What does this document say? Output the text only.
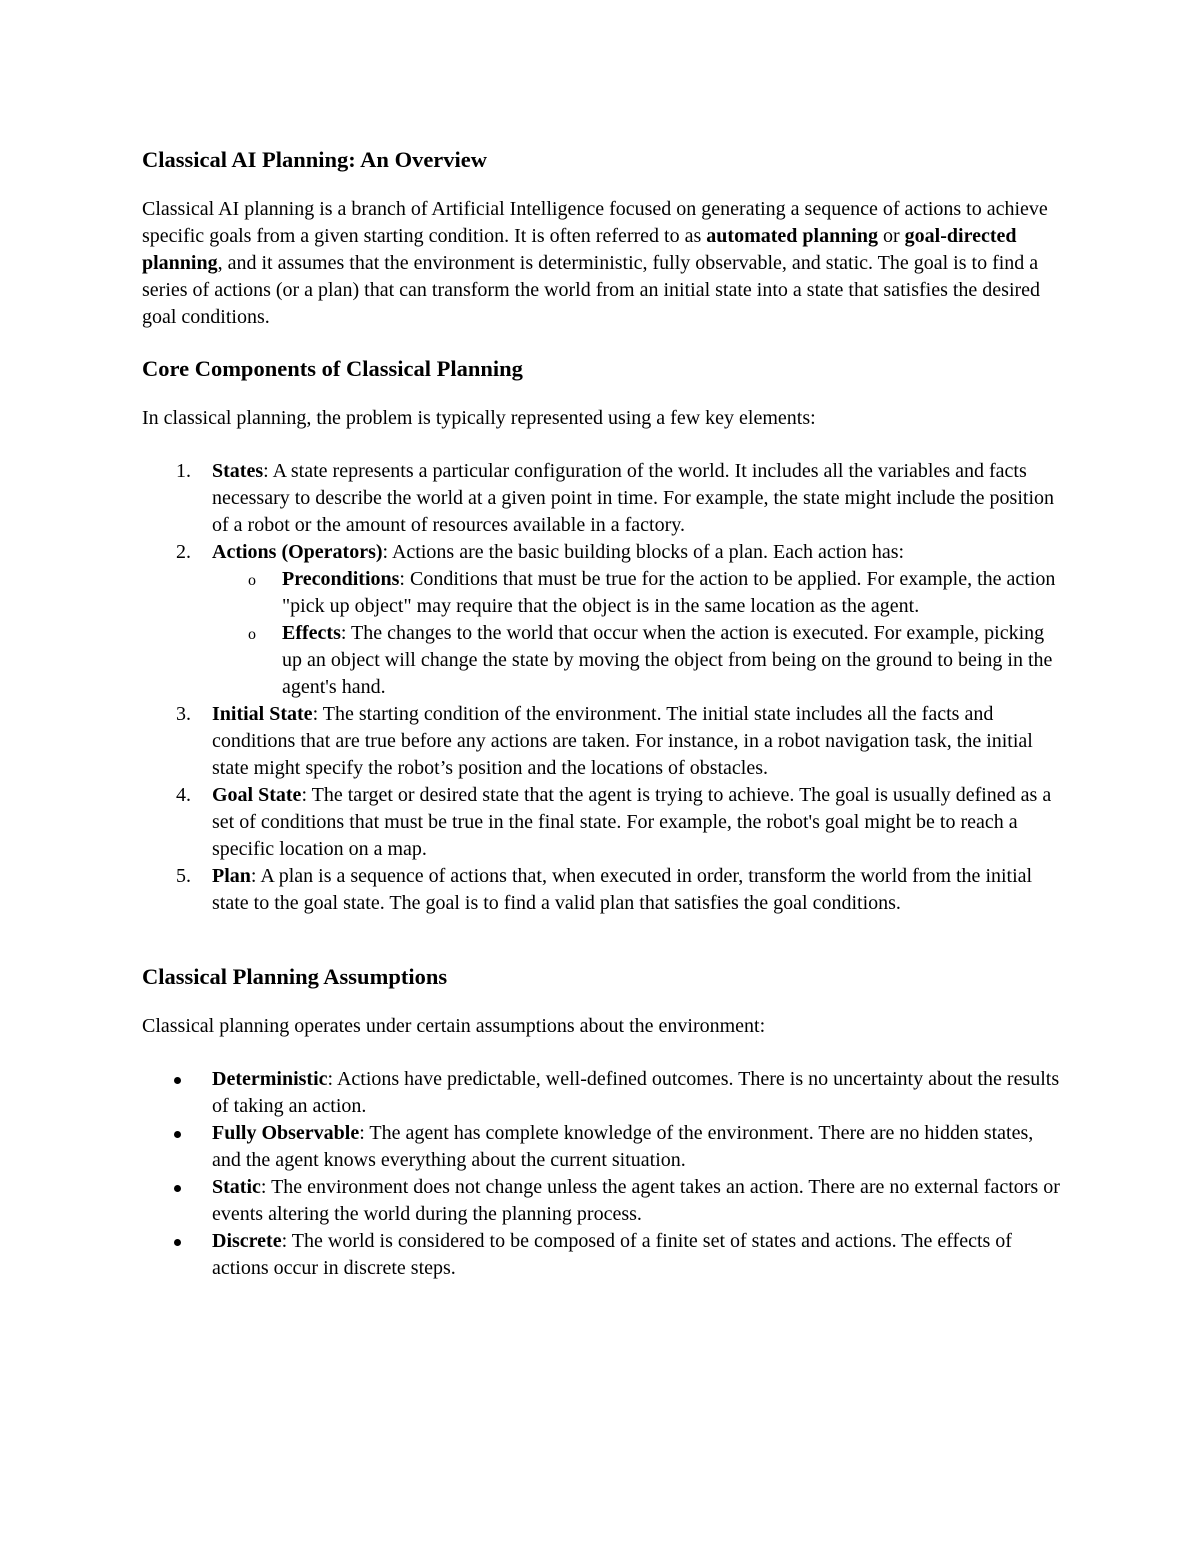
Classical AI Planning: An Overview

Classical AI planning is a branch of Artificial Intelligence focused on generating a sequence of actions to achieve specific goals from a given starting condition. It is often referred to as automated planning or goal-directed planning, and it assumes that the environment is deterministic, fully observable, and static. The goal is to find a series of actions (or a plan) that can transform the world from an initial state into a state that satisfies the desired goal conditions.

Core Components of Classical Planning

In classical planning, the problem is typically represented using a few key elements:

1. States: A state represents a particular configuration of the world. It includes all the variables and facts necessary to describe the world at a given point in time. For example, the state might include the position of a robot or the amount of resources available in a factory.
2. Actions (Operators): Actions are the basic building blocks of a plan. Each action has:
o Preconditions: Conditions that must be true for the action to be applied. For example, the action "pick up object" may require that the object is in the same location as the agent.
o Effects: The changes to the world that occur when the action is executed. For example, picking up an object will change the state by moving the object from being on the ground to being in the agent's hand.
3. Initial State: The starting condition of the environment. The initial state includes all the facts and conditions that are true before any actions are taken. For instance, in a robot navigation task, the initial state might specify the robot’s position and the locations of obstacles.
4. Goal State: The target or desired state that the agent is trying to achieve. The goal is usually defined as a set of conditions that must be true in the final state. For example, the robot's goal might be to reach a specific location on a map.
5. Plan: A plan is a sequence of actions that, when executed in order, transform the world from the initial state to the goal state. The goal is to find a valid plan that satisfies the goal conditions.
Classical Planning Assumptions

Classical planning operates under certain assumptions about the environment:

Deterministic: Actions have predictable, well-defined outcomes. There is no uncertainty about the results of taking an action.
Fully Observable: The agent has complete knowledge of the environment. There are no hidden states, and the agent knows everything about the current situation.
Static: The environment does not change unless the agent takes an action. There are no external factors or events altering the world during the planning process.
Discrete: The world is considered to be composed of a finite set of states and actions. The effects of actions occur in discrete steps.
